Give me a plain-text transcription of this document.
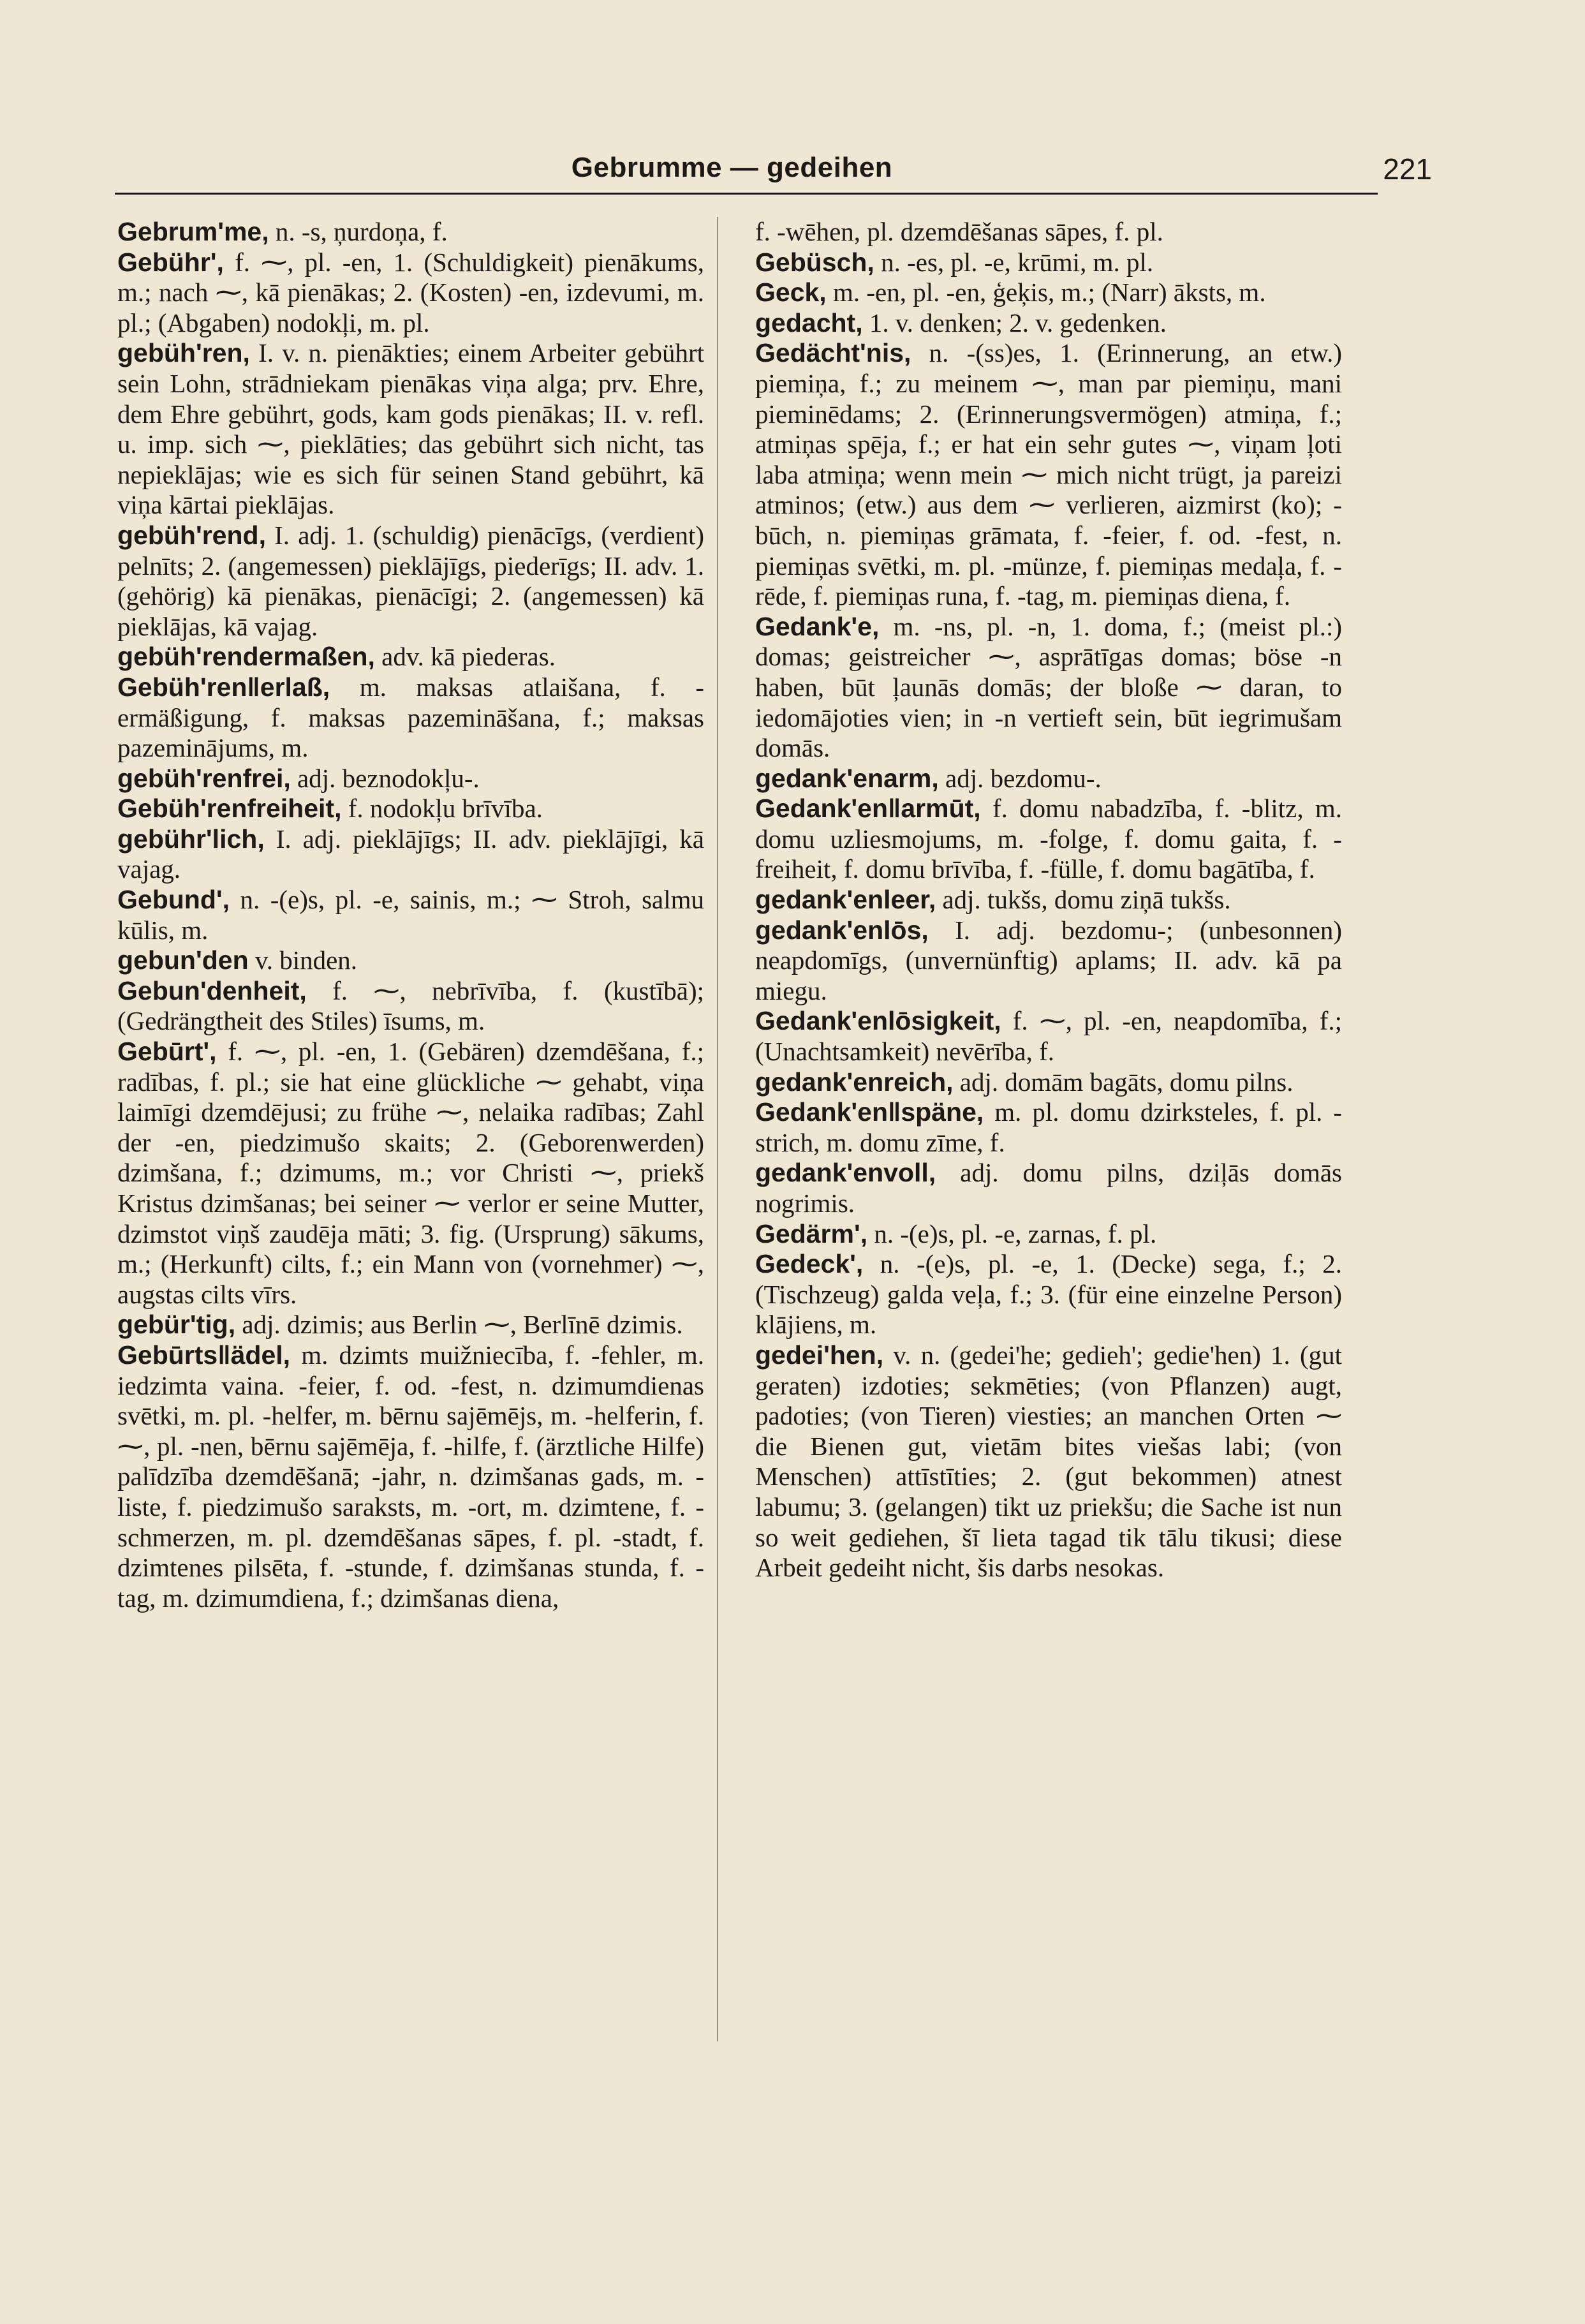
Gebrumme — gedeihen	221

Gebrum'me, n. -s, ņurdoņa, f.

Gebühr', f. ⁓, pl. -en, 1. (Schuldigkeit) pienākums, m.; nach ⁓, kā pienākas; 2. (Kosten) -en, izdevumi, m. pl.; (Abgaben) nodokļi, m. pl.

gebüh'ren, I. v. n. pienākties; einem Arbeiter gebührt sein Lohn, strādniekam pienākas viņa alga; prv. Ehre, dem Ehre gebührt, gods, kam gods pienākas; II. v. refl. u. imp. sich ⁓, pieklāties; das gebührt sich nicht, tas nepieklājas; wie es sich für seinen Stand gebührt, kā viņa kārtai pieklājas.

gebüh'rend, I. adj. 1. (schuldig) pienācīgs, (verdient) pelnīts; 2. (angemessen) pieklājīgs, piederīgs; II. adv. 1. (gehörig) kā pienākas, pienācīgi; 2. (angemessen) kā pieklājas, kā vajag.

gebüh'rendermaßen, adv. kā piederas.

Gebüh'ren‖erlaß, m. maksas atlaišana, f. -ermäßigung, f. maksas pazemināšana, f.; maksas pazeminājums, m.

gebüh'renfrei, adj. beznodokļu-.

Gebüh'renfreiheit, f. nodokļu brīvība.

gebühr'lich, I. adj. pieklājīgs; II. adv. pieklājīgi, kā vajag.

Gebund', n. -(e)s, pl. -e, sainis, m.; ⁓ Stroh, salmu kūlis, m.

gebun'den v. binden.

Gebun'denheit, f. ⁓, nebrīvība, f. (kustībā); (Gedrängtheit des Stiles) īsums, m.

Gebūrt', f. ⁓, pl. -en, 1. (Gebären) dzemdēšana, f.; radības, f. pl.; sie hat eine glückliche ⁓ gehabt, viņa laimīgi dzemdējusi; zu frühe ⁓, nelaika radības; Zahl der -en, piedzimušo skaits; 2. (Geborenwerden) dzimšana, f.; dzimums, m.; vor Christi ⁓, priekš Kristus dzimšanas; bei seiner ⁓ verlor er seine Mutter, dzimstot viņš zaudēja māti; 3. fig. (Ursprung) sākums, m.; (Herkunft) cilts, f.; ein Mann von (vornehmer) ⁓, augstas cilts vīrs.

gebür'tig, adj. dzimis; aus Berlin ⁓, Berlīnē dzimis.

Gebūrts‖ädel, m. dzimts muižniecība, f. -fehler, m. iedzimta vaina. -feier, f. od. -fest, n. dzimumdienas svētki, m. pl. -helfer, m. bērnu sajēmējs, m. -helferin, f. ⁓, pl. -nen, bērnu sajēmēja, f. -hilfe, f. (ärztliche Hilfe) palīdzība dzemdēšanā; -jahr, n. dzimšanas gads, m. -liste, f. piedzimušo saraksts, m. -ort, m. dzimtene, f. -schmerzen, m. pl. dzemdēšanas sāpes, f. pl. -stadt, f. dzimtenes pilsēta, f. -stunde, f. dzimšanas stunda, f. -tag, m. dzimumdiena, f.; dzimšanas diena,

f. -wēhen, pl. dzemdēšanas sāpes, f. pl.

Gebüsch, n. -es, pl. -e, krūmi, m. pl.

Geck, m. -en, pl. -en, ģeķis, m.; (Narr) āksts, m.

gedacht, 1. v. denken; 2. v. gedenken.

Gedächt'nis, n. -(ss)es, 1. (Erinnerung, an etw.) piemiņa, f.; zu meinem ⁓, man par piemiņu, mani pieminēdams; 2. (Erinnerungsvermögen) atmiņa, f.; atmiņas spēja, f.; er hat ein sehr gutes ⁓, viņam ļoti laba atmiņa; wenn mein ⁓ mich nicht trügt, ja pareizi atminos; (etw.) aus dem ⁓ verlieren, aizmirst (ko); -būch, n. piemiņas grāmata, f. -feier, f. od. -fest, n. piemiņas svētki, m. pl. -münze, f. piemiņas medaļa, f. -rēde, f. piemiņas runa, f. -tag, m. piemiņas diena, f.

Gedank'e, m. -ns, pl. -n, 1. doma, f.; (meist pl.:) domas; geistreicher ⁓, asprātīgas domas; böse -n haben, būt ļaunās domās; der bloße ⁓ daran, to iedomājoties vien; in -n vertieft sein, būt iegrimušam domās.

gedank'enarm, adj. bezdomu-.

Gedank'en‖armūt, f. domu nabadzība, f. -blitz, m. domu uzliesmojums, m. -folge, f. domu gaita, f. -freiheit, f. domu brīvība, f. -fülle, f. domu bagātība, f.

gedank'enleer, adj. tukšs, domu ziņā tukšs.

gedank'enlōs, I. adj. bezdomu-; (unbesonnen) neapdomīgs, (unvernünftig) aplams; II. adv. kā pa miegu.

Gedank'enlōsigkeit, f. ⁓, pl. -en, neapdomība, f.; (Unachtsamkeit) nevērība, f.

gedank'enreich, adj. domām bagāts, domu pilns.

Gedank'en‖späne, m. pl. domu dzirksteles, f. pl. -strich, m. domu zīme, f.

gedank'envoll, adj. domu pilns, dziļās domās nogrimis.

Gedärm', n. -(e)s, pl. -e, zarnas, f. pl.

Gedeck', n. -(e)s, pl. -e, 1. (Decke) sega, f.; 2. (Tischzeug) galda veļa, f.; 3. (für eine einzelne Person) klājiens, m.

gedei'hen, v. n. (gedei'he; gedieh'; gedie'hen) 1. (gut geraten) izdoties; sekmēties; (von Pflanzen) augt, padoties; (von Tieren) viesties; an manchen Orten ⁓ die Bienen gut, vietām bites viešas labi; (von Menschen) attīstīties; 2. (gut bekommen) atnest labumu; 3. (gelangen) tikt uz priekšu; die Sache ist nun so weit gediehen, šī lieta tagad tik tālu tikusi; diese Arbeit gedeiht nicht, šis darbs nesokas.
